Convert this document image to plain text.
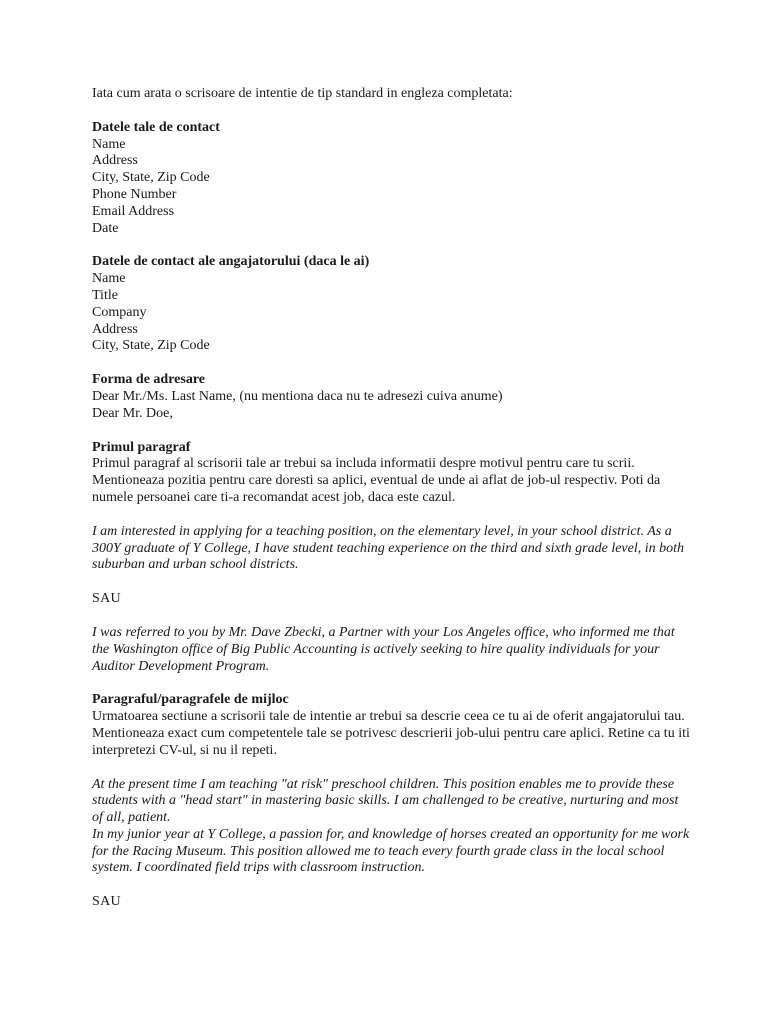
Iata cum arata o scrisoare de intentie de tip standard in engleza completata:
Datele tale de contact
Name
Address
City, State, Zip Code
Phone Number
Email Address
Date
Datele de contact ale angajatorului (daca le ai)
Name
Title
Company
Address
City, State, Zip Code
Forma de adresare
Dear Mr./Ms. Last Name, (nu mentiona daca nu te adresezi cuiva anume)
Dear Mr. Doe,
Primul paragraf
Primul paragraf al scrisorii tale ar trebui sa includa informatii despre motivul pentru care tu scrii. Mentioneaza pozitia pentru care doresti sa aplici, eventual de unde ai aflat de job-ul respectiv. Poti da numele persoanei care ti-a recomandat acest job, daca este cazul.
I am interested in applying for a teaching position, on the elementary level, in your school district. As a 300Y graduate of Y College, I have student teaching experience on the third and sixth grade level, in both suburban and urban school districts.
SAU
I was referred to you by Mr. Dave Zbecki, a Partner with your Los Angeles office, who informed me that the Washington office of Big Public Accounting is actively seeking to hire quality individuals for your Auditor Development Program.
Paragraful/paragrafele de mijloc
Urmatoarea sectiune a scrisorii tale de intentie ar trebui sa descrie ceea ce tu ai de oferit angajatorului tau. Mentioneaza exact cum competentele tale se potrivesc descrierii job-ului pentru care aplici. Retine ca tu iti interpretezi CV-ul, si nu il repeti.
At the present time I am teaching "at risk" preschool children. This position enables me to provide these students with a "head start" in mastering basic skills. I am challenged to be creative, nurturing and most of all, patient.
In my junior year at Y College, a passion for, and knowledge of horses created an opportunity for me work for the Racing Museum. This position allowed me to teach every fourth grade class in the local school system. I coordinated field trips with classroom instruction.
SAU
